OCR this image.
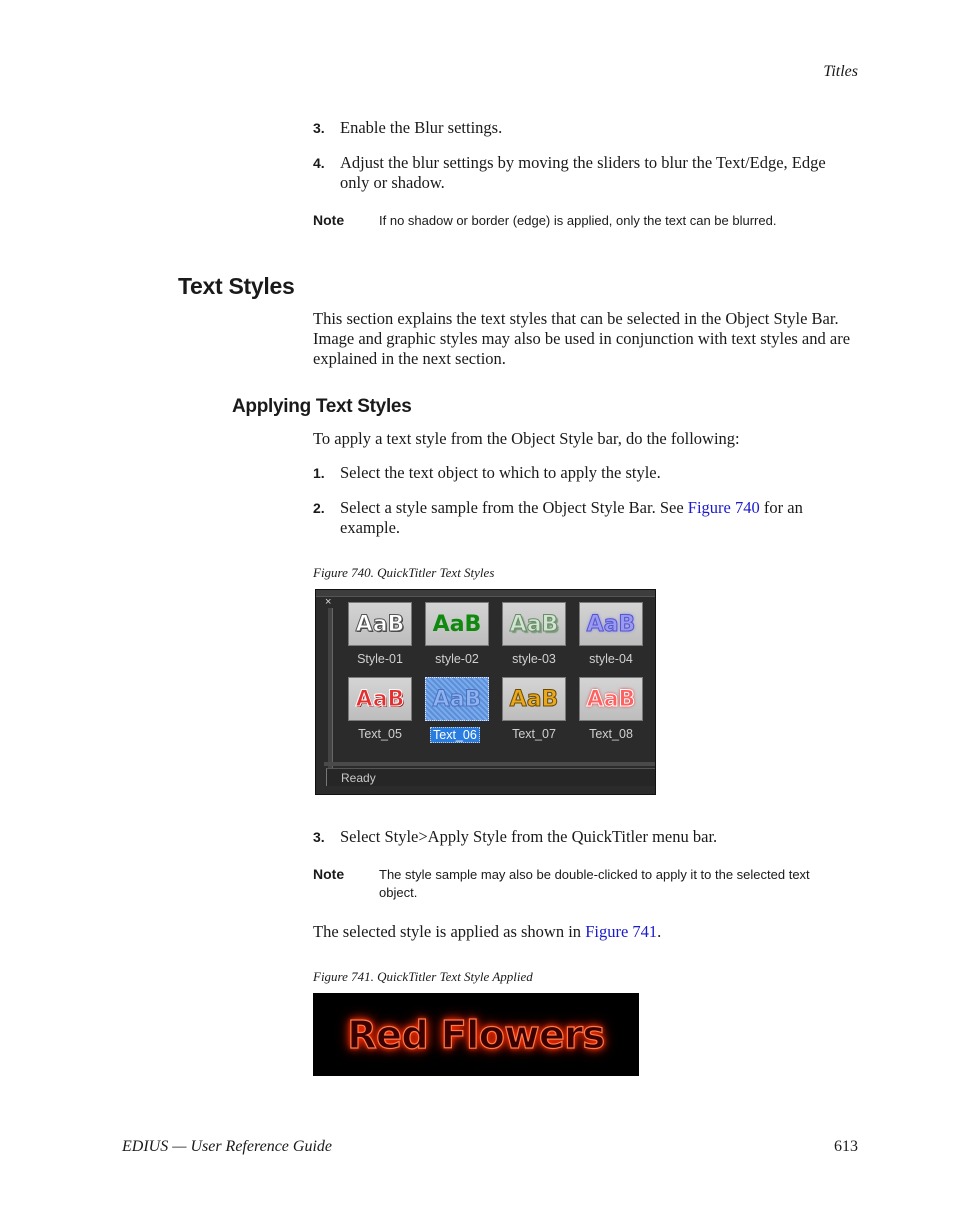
Titles
3. Enable the Blur settings.
4. Adjust the blur settings by moving the sliders to blur the Text/Edge, Edge only or shadow.
Note	If no shadow or border (edge) is applied, only the text can be blurred.
Text Styles
This section explains the text styles that can be selected in the Object Style Bar. Image and graphic styles may also be used in conjunction with text styles and are explained in the next section.
Applying Text Styles
To apply a text style from the Object Style bar, do the following:
1. Select the text object to which to apply the style.
2. Select a style sample from the Object Style Bar. See Figure 740 for an example.
Figure 740. QuickTitler Text Styles
×
AaB
Style-01
AaB
style-02
AaB
style-03
AaB
style-04
AaB
Text_05
AaB
Text_06
AaB
Text_07
AaB
Text_08
Ready
3. Select Style>Apply Style from the QuickTitler menu bar.
Note	The style sample may also be double-clicked to apply it to the selected text object.
The selected style is applied as shown in Figure 741.
Figure 741. QuickTitler Text Style Applied
Red Flowers
EDIUS — User Reference Guide	613
